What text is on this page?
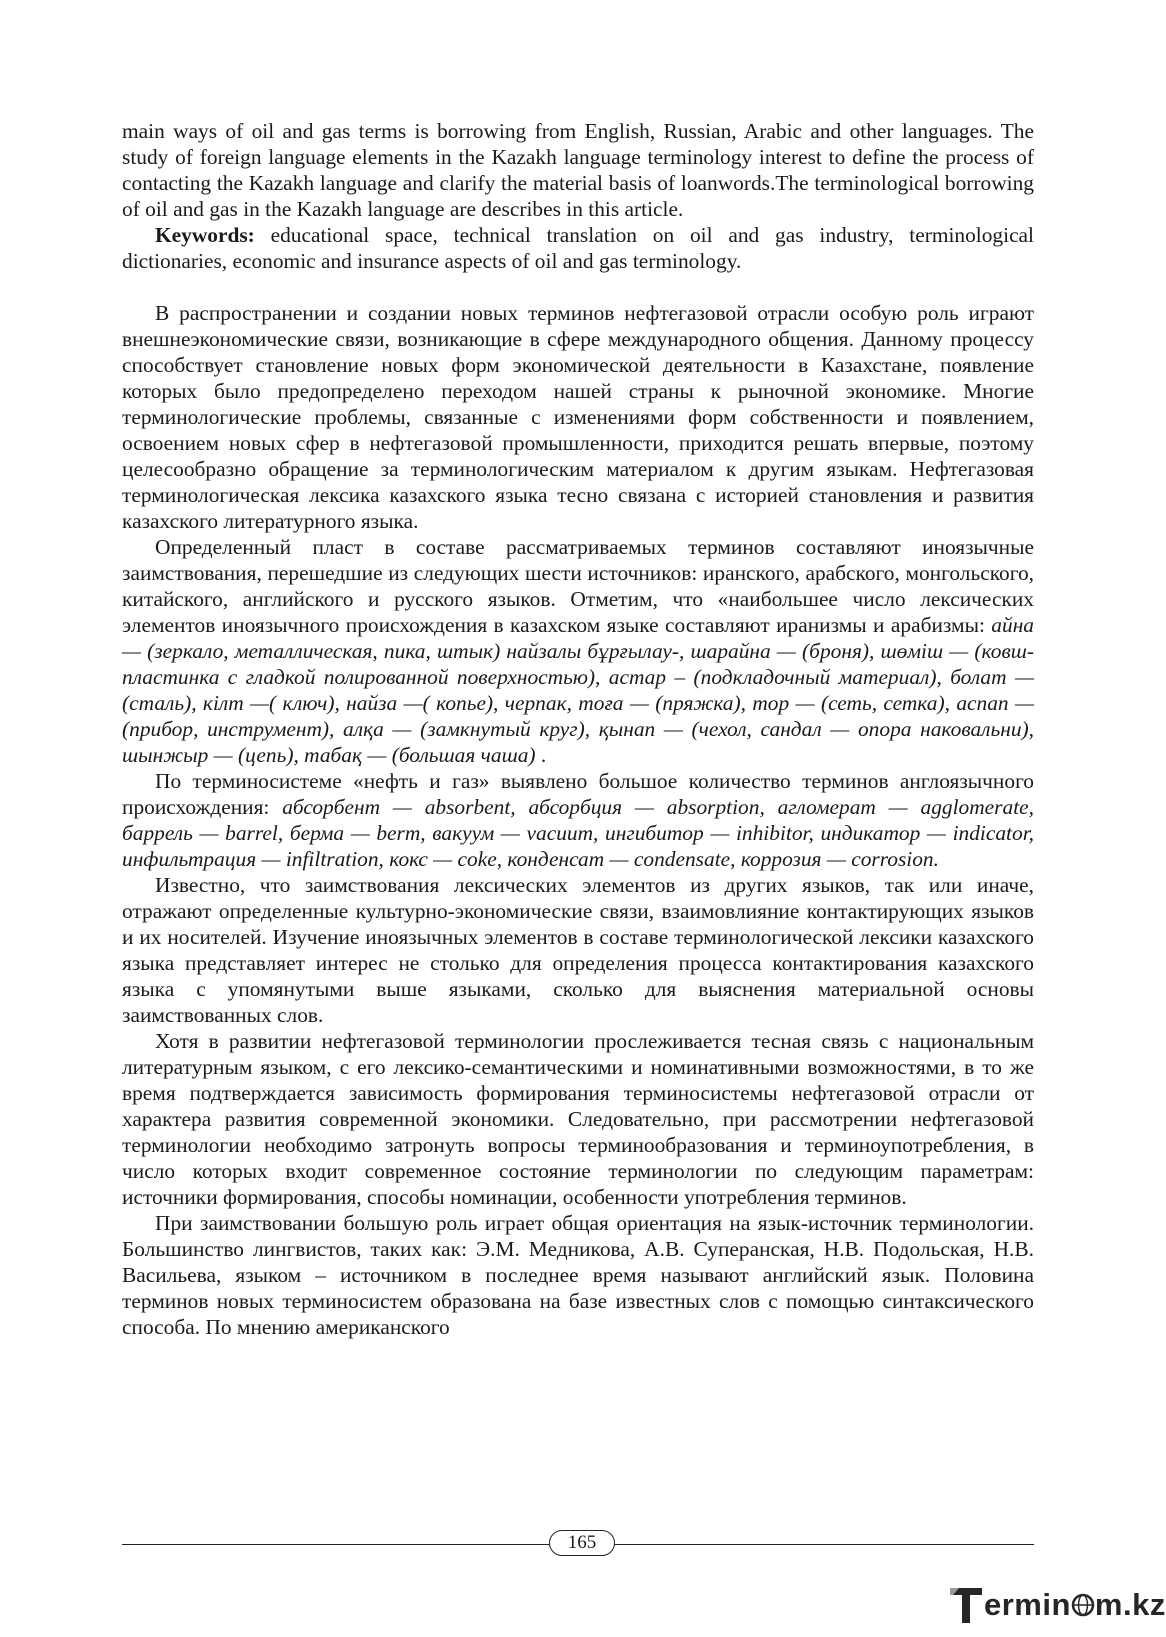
main ways of oil and gas terms is borrowing from English, Russian, Arabic and other languages. The study of foreign language elements in the Kazakh language terminology interest to define the process of contacting the Kazakh language and clarify the material basis of loanwords.The terminological borrowing of oil and gas in the Kazakh language are describes in this article.

Keywords: educational space, technical translation on oil and gas industry, terminological dictionaries, economic and insurance aspects of oil and gas terminology.

В распространении и создании новых терминов нефтегазовой отрасли особую роль играют внешнеэкономические связи, возникающие в сфере международного общения. Данному процессу способствует становление новых форм экономической деятельности в Казахстане, появление которых было предопределено переходом нашей страны к рыночной экономике. Многие терминологические проблемы, связанные с изменениями форм собственности и появлением, освоением новых сфер в нефтегазовой промышленности, приходится решать впервые, поэтому целесообразно обращение за терминологическим материалом к другим языкам. Нефтегазовая терминологическая лексика казахского языка тесно связана с историей становления и развития казахского литературного языка.

Определенный пласт в составе рассматриваемых терминов составляют иноязычные заимствования, перешедшие из следующих шести источников: иранского, арабского, монгольского, китайского, английского и русского языков. Отметим, что «наибольшее число лексических элементов иноязычного происхождения в казахском языке составляют иранизмы и арабизмы: айна — (зеркало, металлическая, пика, штык) найзалы бұрғылау-, шарайна — (броня), шөміш — (ковш-пластинка с гладкой полированной поверхностью), астар – (подкладочный материал), болат — (сталь), кілт —( ключ), найза —( копье), черпак, тоға — (пряжка), тор — (сеть, сетка), аспап — (прибор, инструмент), алқа — (замкнутый круг), қынап — (чехол, сандал — опора наковальни), шынжыр — (цепь), табақ — (большая чаша) .

По терминосистеме «нефть и газ» выявлено большое количество терминов англоязычного происхождения: абсорбент — absorbent, абсорбция — absorption, агломерат — agglomerate, баррель — barrel, берма — berm, вакуум — vacuum, ингибитор — inhibitor, индикатор — indicator, инфильтрация — infiltration, кокс — coke, конденсат — condensate, коррозия — corrosion.

Известно, что заимствования лексических элементов из других языков, так или иначе, отражают определенные культурно-экономические связи, взаимовлияние контактирующих языков и их носителей. Изучение иноязычных элементов в составе терминологической лексики казахского языка представляет интерес не столько для определения процесса контактирования казахского языка с упомянутыми выше языками, сколько для выяснения материальной основы заимствованных слов.

Хотя в развитии нефтегазовой терминологии прослеживается тесная связь с национальным литературным языком, с его лексико-семантическими и номинативными возможностями, в то же время подтверждается зависимость формирования терминосистемы нефтегазовой отрасли от характера развития современной экономики. Следовательно, при рассмотрении нефтегазовой терминологии необходимо затронуть вопросы терминообразования и терминоупотребления, в число которых входит современное состояние терминологии по следующим параметрам: источники формирования, способы номинации, особенности употребления терминов.

При заимствовании большую роль играет общая ориентация на язык-источник терминологии. Большинство лингвистов, таких как: Э.М. Медникова, А.В. Суперанская, Н.В. Подольская, Н.В. Васильева, языком – источником в последнее время называют английский язык. Половина терминов новых терминосистем образована на базе известных слов с помощью синтаксического способа. По мнению американского

165
ermin m.kz
